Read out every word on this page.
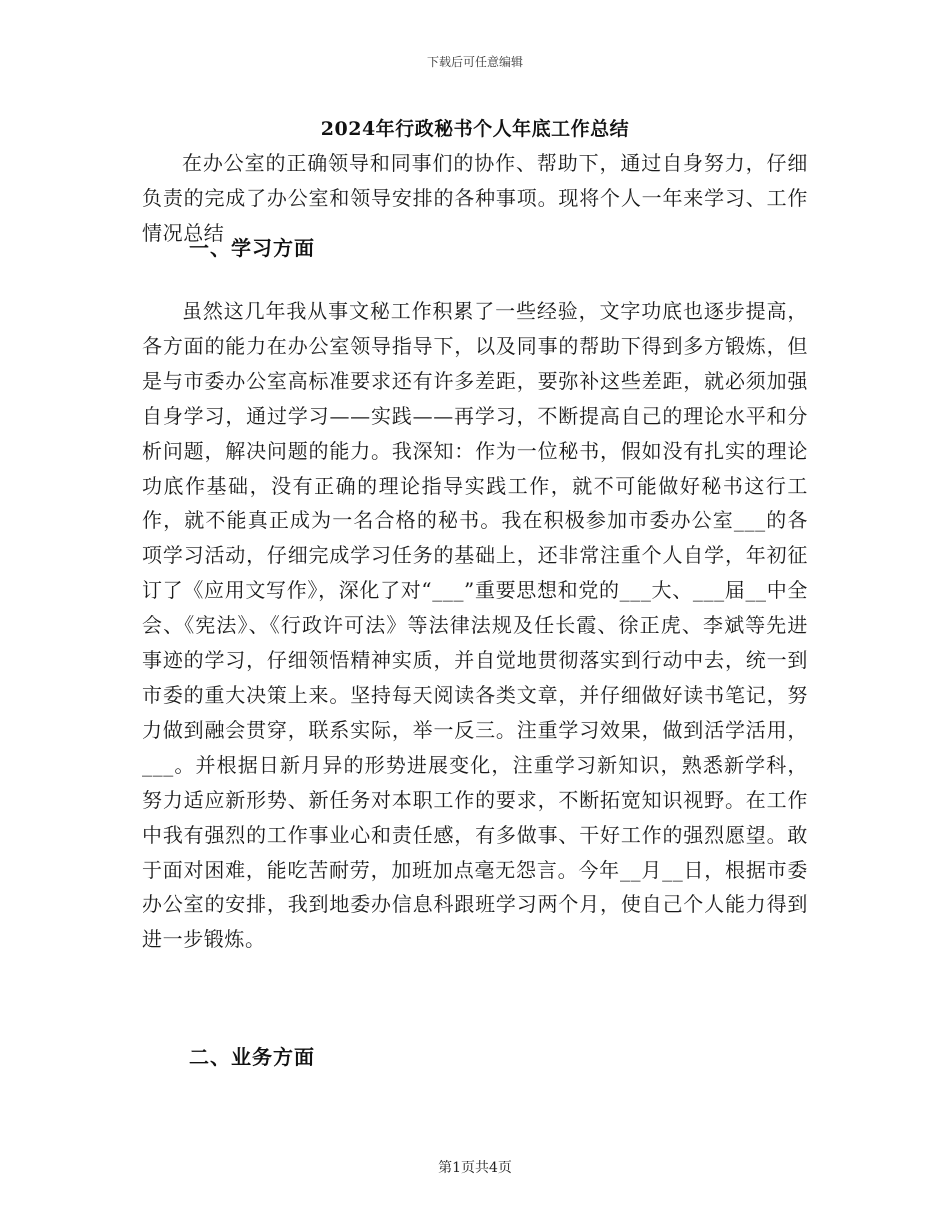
下载后可任意编辑
2024年行政秘书个人年底工作总结

在办公室的正确领导和同事们的协作、帮助下，通过自身努力，仔细负责的完成了办公室和领导安排的各种事项。现将个人一年来学习、工作情况总结

一、学习方面

虽然这几年我从事文秘工作积累了一些经验，文字功底也逐步提高，各方面的能力在办公室领导指导下，以及同事的帮助下得到多方锻炼，但是与市委办公室高标准要求还有许多差距，要弥补这些差距，就必须加强自身学习，通过学习——实践——再学习，不断提高自己的理论水平和分析问题，解决问题的能力。我深知：作为一位秘书，假如没有扎实的理论功底作基础，没有正确的理论指导实践工作，就不可能做好秘书这行工作，就不能真正成为一名合格的秘书。我在积极参加市委办公室___的各项学习活动，仔细完成学习任务的基础上，还非常注重个人自学，年初征订了《应用文写作》，深化了对“___”重要思想和党的___大、___届__中全会、《宪法》、《行政许可法》等法律法规及任长霞、徐正虎、李斌等先进事迹的学习，仔细领悟精神实质，并自觉地贯彻落实到行动中去，统一到市委的重大决策上来。坚持每天阅读各类文章，并仔细做好读书笔记，努力做到融会贯穿，联系实际，举一反三。注重学习效果，做到活学活用，___。并根据日新月异的形势进展变化，注重学习新知识，熟悉新学科，努力适应新形势、新任务对本职工作的要求，不断拓宽知识视野。在工作中我有强烈的工作事业心和责任感，有多做事、干好工作的强烈愿望。敢于面对困难，能吃苦耐劳，加班加点毫无怨言。今年__月__日，根据市委办公室的安排，我到地委办信息科跟班学习两个月，使自己个人能力得到进一步锻炼。

二、业务方面
第1页共4页
